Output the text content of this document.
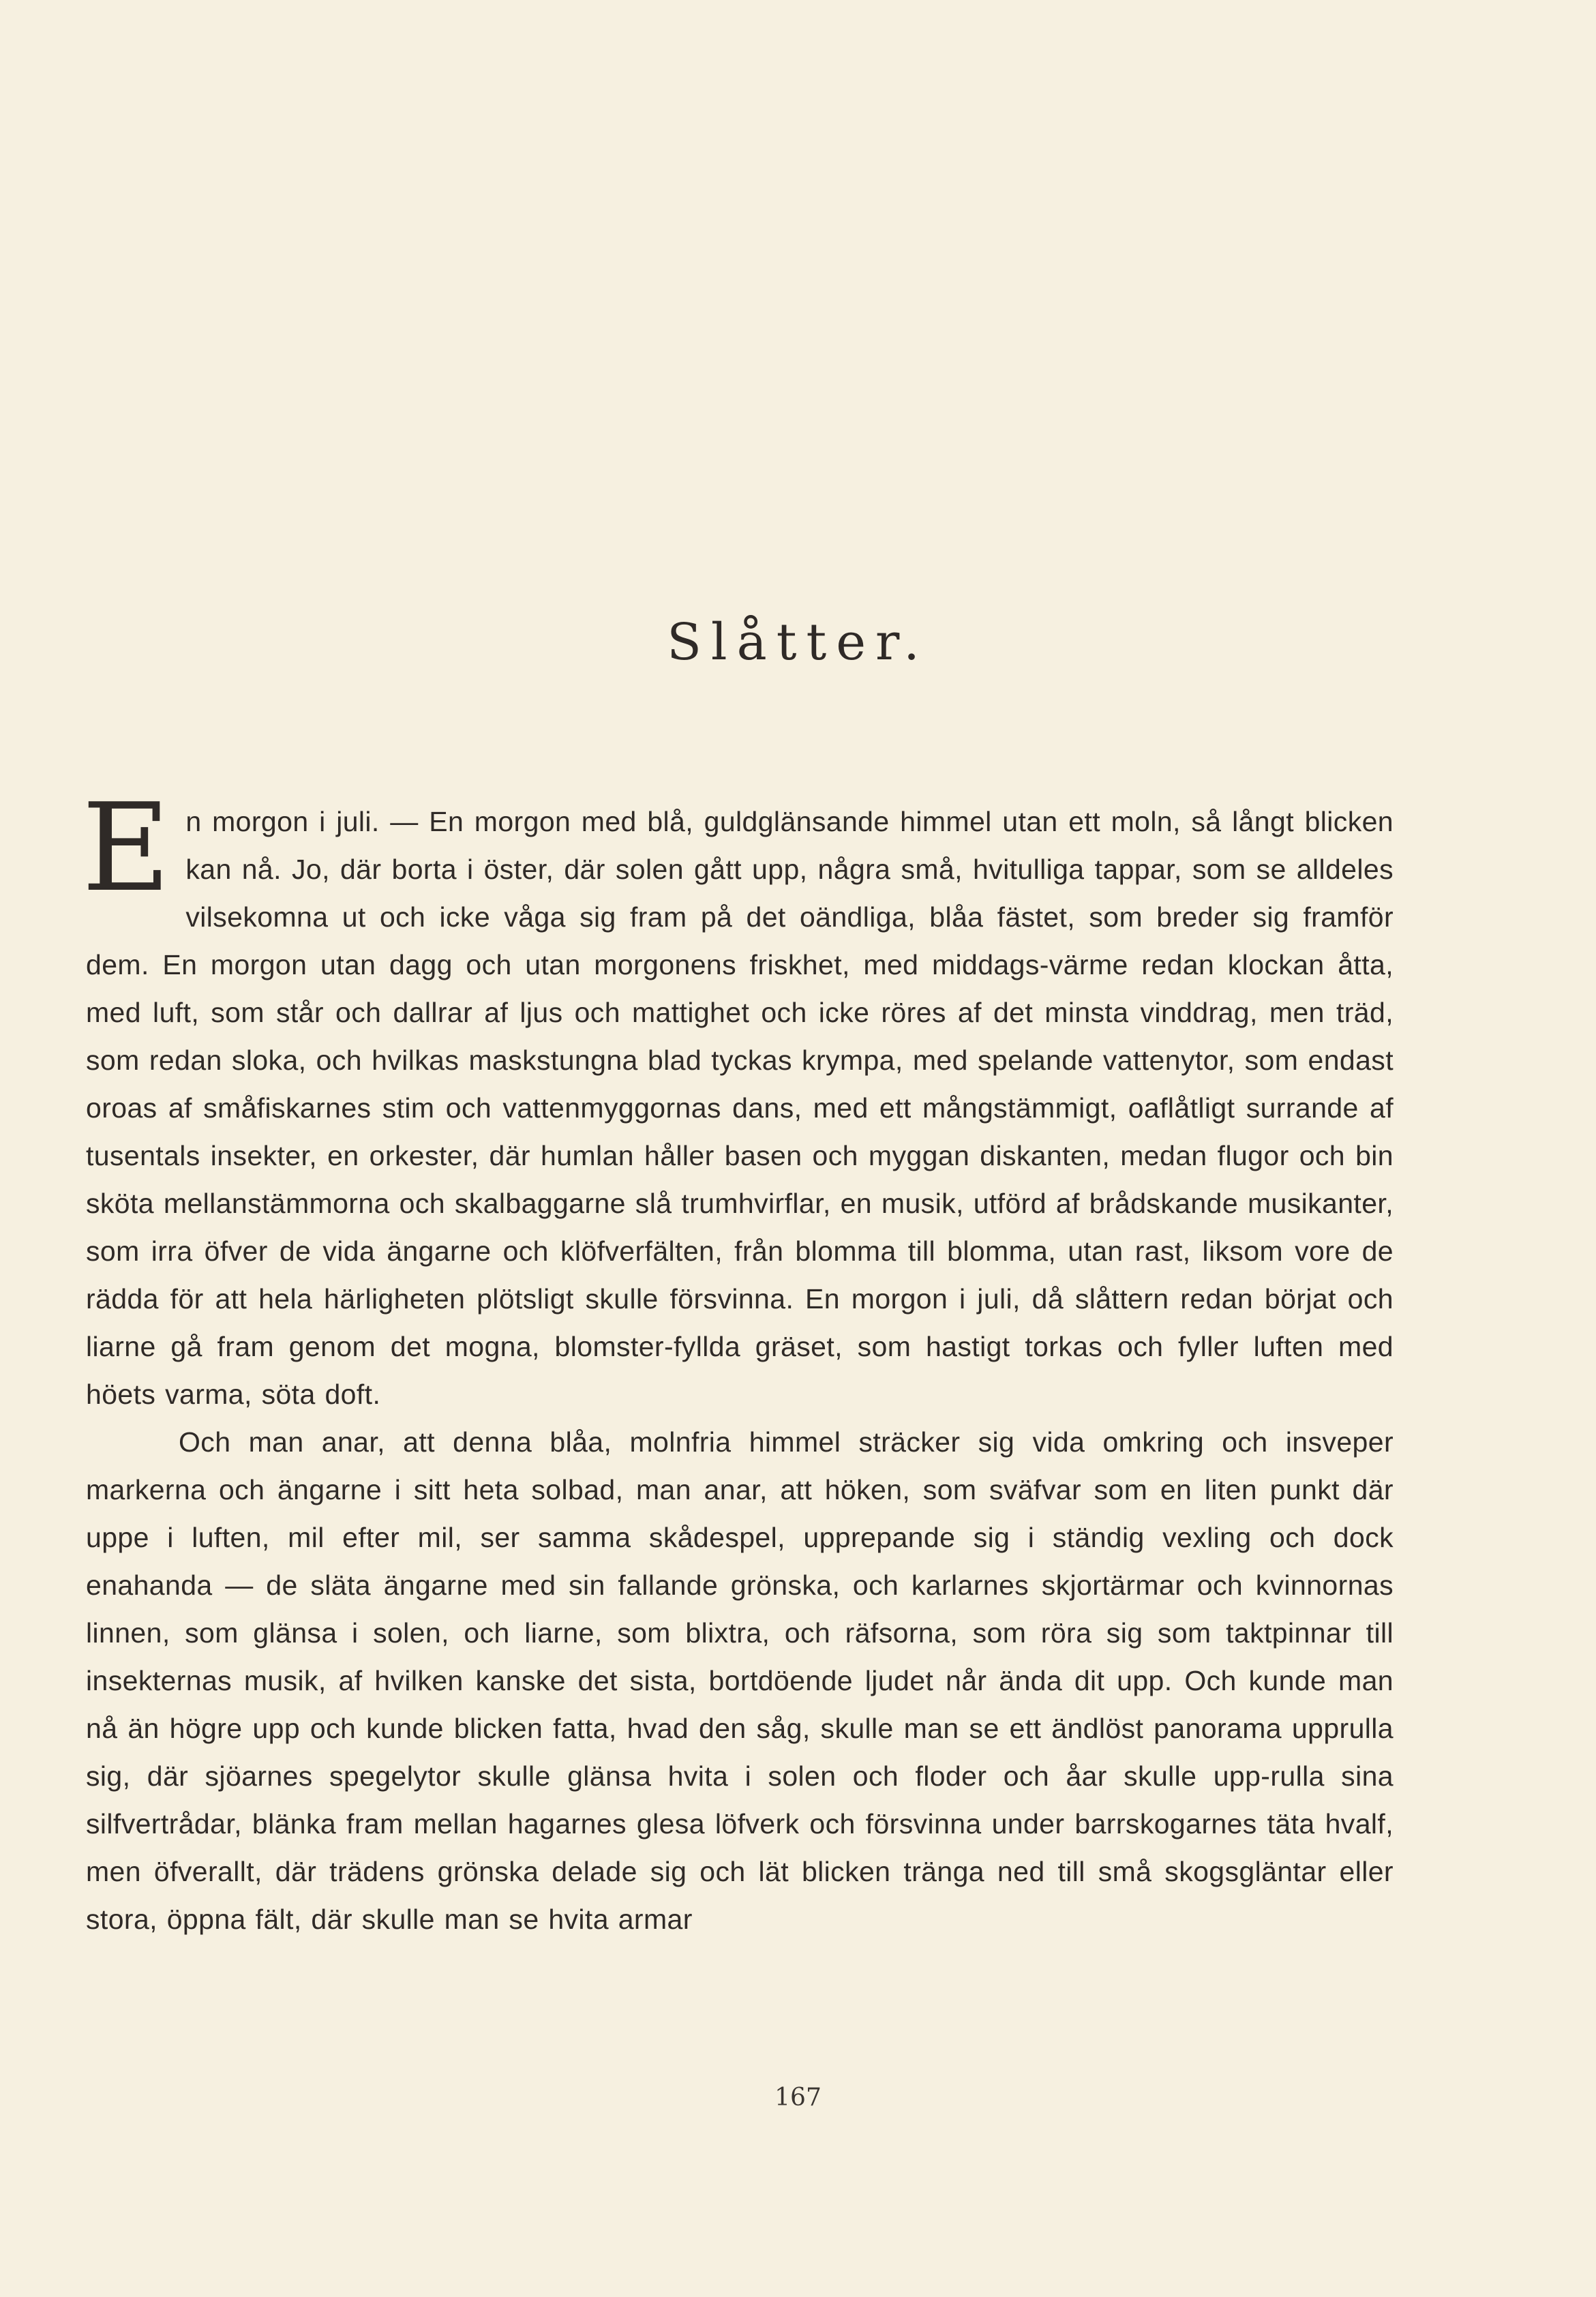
Slåtter.

En morgon i juli. — En morgon med blå, guldglänsande himmel utan ett moln, så långt blicken kan nå. Jo, där borta i öster, där solen gått upp, några små, hvitulliga tappar, som se alldeles vilsekomna ut och icke våga sig fram på det oändliga, blåa fästet, som breder sig framför dem. En morgon utan dagg och utan morgonens friskhet, med middags-värme redan klockan åtta, med luft, som står och dallrar af ljus och mattighet och icke röres af det minsta vinddrag, men träd, som redan sloka, och hvilkas maskstungna blad tyckas krympa, med spelande vattenytor, som endast oroas af småfiskarnes stim och vattenmyggornas dans, med ett mångstämmigt, oaflåtligt surrande af tusentals insekter, en orkester, där humlan håller basen och myggan diskanten, medan flugor och bin sköta mellanstämmorna och skalbaggarne slå trumhvirflar, en musik, utförd af brådskande musikanter, som irra öfver de vida ängarne och klöfverfälten, från blomma till blomma, utan rast, liksom vore de rädda för att hela härligheten plötsligt skulle försvinna. En morgon i juli, då slåttern redan börjat och liarne gå fram genom det mogna, blomster-fyllda gräset, som hastigt torkas och fyller luften med höets varma, söta doft.

Och man anar, att denna blåa, molnfria himmel sträcker sig vida omkring och insveper markerna och ängarne i sitt heta solbad, man anar, att höken, som sväfvar som en liten punkt där uppe i luften, mil efter mil, ser samma skådespel, upprepande sig i ständig vexling och dock enahanda — de släta ängarne med sin fallande grönska, och karlarnes skjortärmar och kvinnornas linnen, som glänsa i solen, och liarne, som blixtra, och räfsorna, som röra sig som taktpinnar till insekternas musik, af hvilken kanske det sista, bortdöende ljudet når ända dit upp. Och kunde man nå än högre upp och kunde blicken fatta, hvad den såg, skulle man se ett ändlöst panorama upprulla sig, där sjöarnes spegelytor skulle glänsa hvita i solen och floder och åar skulle upp-rulla sina silfvertrådar, blänka fram mellan hagarnes glesa löfverk och försvinna under barrskogarnes täta hvalf, men öfverallt, där trädens grönska delade sig och lät blicken tränga ned till små skogsgläntar eller stora, öppna fält, där skulle man se hvita armar

167
